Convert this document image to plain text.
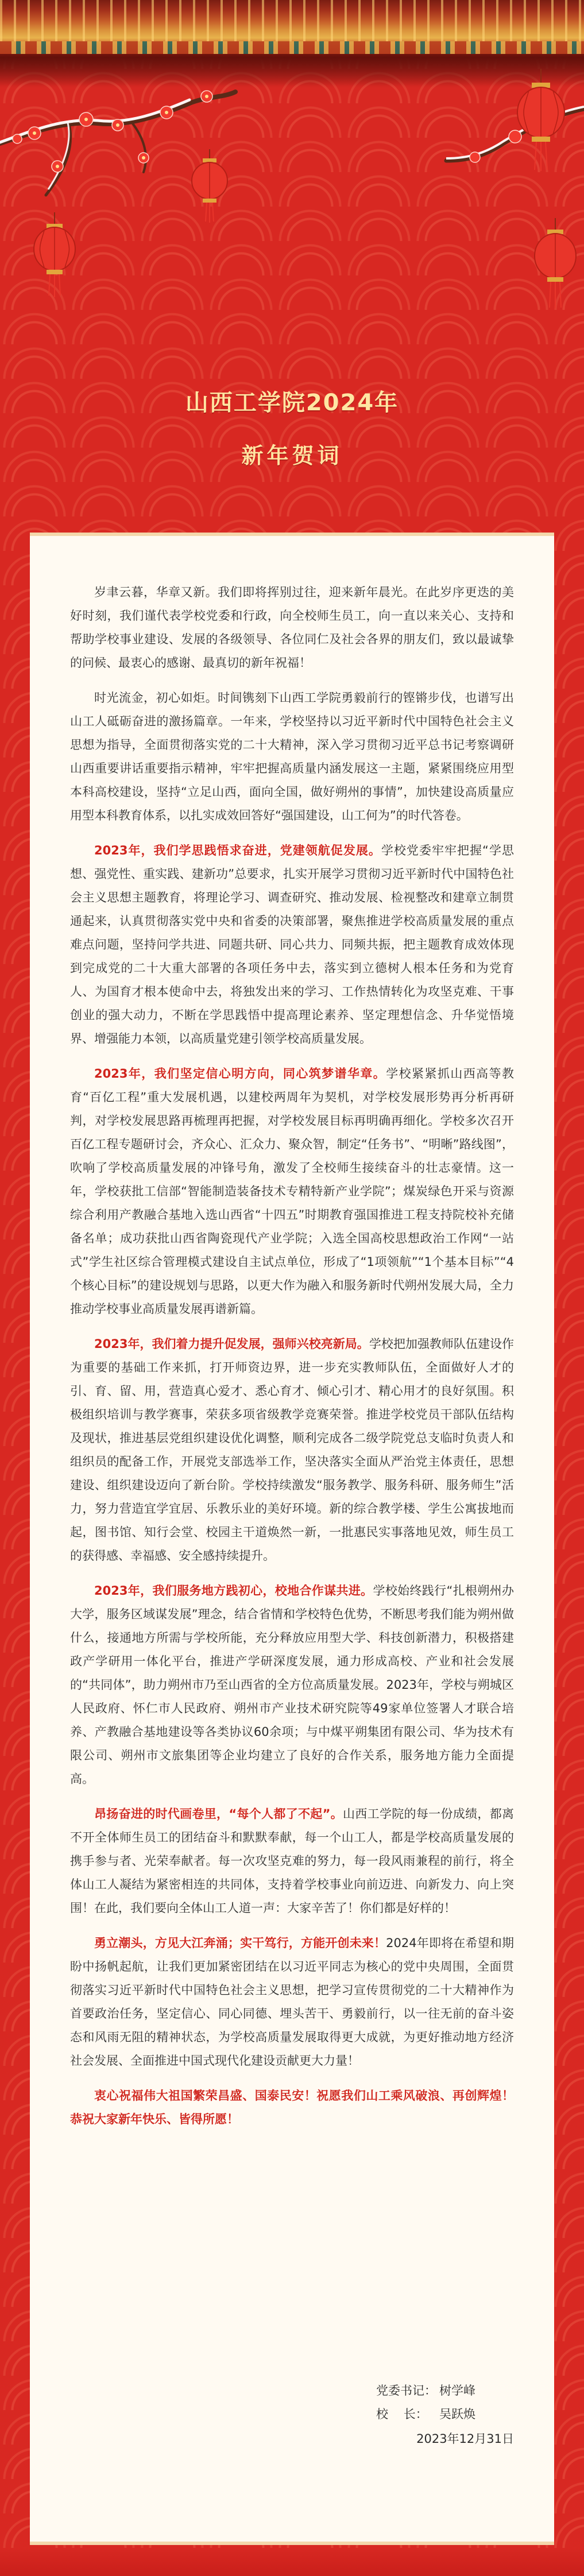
山西工学院2024年
新年贺词

岁聿云暮，华章又新。我们即将挥别过往，迎来新年晨光。在此岁序更迭的美好时刻，我们谨代表学校党委和行政，向全校师生员工，向一直以来关心、支持和帮助学校事业建设、发展的各级领导、各位同仁及社会各界的朋友们，致以最诚挚的问候、最衷心的感谢、最真切的新年祝福！

时光流金，初心如炬。时间镌刻下山西工学院勇毅前行的铿锵步伐，也谱写出山工人砥砺奋进的激扬篇章。一年来，学校坚持以习近平新时代中国特色社会主义思想为指导，全面贯彻落实党的二十大精神，深入学习贯彻习近平总书记考察调研山西重要讲话重要指示精神，牢牢把握高质量内涵发展这一主题，紧紧围绕应用型本科高校建设，坚持“立足山西，面向全国，做好朔州的事情”，加快建设高质量应用型本科教育体系，以扎实成效回答好“强国建设，山工何为”的时代答卷。

2023年，我们学思践悟求奋进，党建领航促发展。学校党委牢牢把握“学思想、强党性、重实践、建新功”总要求，扎实开展学习贯彻习近平新时代中国特色社会主义思想主题教育，将理论学习、调查研究、推动发展、检视整改和建章立制贯通起来，认真贯彻落实党中央和省委的决策部署，聚焦推进学校高质量发展的重点难点问题，坚持问学共进、同题共研、同心共力、同频共振，把主题教育成效体现到完成党的二十大重大部署的各项任务中去，落实到立德树人根本任务和为党育人、为国育才根本使命中去，将独发出来的学习、工作热情转化为攻坚克难、干事创业的强大动力，不断在学思践悟中提高理论素养、坚定理想信念、升华觉悟境界、增强能力本领，以高质量党建引领学校高质量发展。

2023年，我们坚定信心明方向，同心筑梦谱华章。学校紧紧抓山西高等教育“百亿工程”重大发展机遇，以建校两周年为契机，对学校发展形势再分析再研判，对学校发展思路再梳理再把握，对学校发展目标再明确再细化。学校多次召开百亿工程专题研讨会，齐众心、汇众力、聚众智，制定“任务书”、“明晰”路线图”，吹响了学校高质量发展的冲锋号角，激发了全校师生接续奋斗的壮志豪情。这一年，学校获批工信部“智能制造装备技术专精特新产业学院”；煤炭绿色开采与资源综合利用产教融合基地入选山西省“十四五”时期教育强国推进工程支持院校补充储备名单；成功获批山西省陶瓷现代产业学院；入选全国高校思想政治工作网“一站式”学生社区综合管理模式建设自主试点单位，形成了“1项领航”“1个基本目标”“4个核心目标”的建设规划与思路，以更大作为融入和服务新时代朔州发展大局，全力推动学校事业高质量发展再谱新篇。

2023年，我们着力提升促发展，强师兴校亮新局。学校把加强教师队伍建设作为重要的基础工作来抓，打开师资边界，进一步充实教师队伍，全面做好人才的引、育、留、用，营造真心爱才、悉心育才、倾心引才、精心用才的良好氛围。积极组织培训与教学赛事，荣获多项省级教学竞赛荣誉。推进学校党员干部队伍结构及现状，推进基层党组织建设优化调整，顺利完成各二级学院党总支临时负责人和组织员的配备工作，开展党支部选举工作，坚决落实全面从严治党主体责任，思想建设、组织建设迈向了新台阶。学校持续激发“服务教学、服务科研、服务师生”活力，努力营造宜学宜居、乐教乐业的美好环境。新的综合教学楼、学生公寓拔地而起，图书馆、知行会堂、校园主干道焕然一新，一批惠民实事落地见效，师生员工的获得感、幸福感、安全感持续提升。

2023年，我们服务地方践初心，校地合作谋共进。学校始终践行“扎根朔州办大学，服务区域谋发展”理念，结合省情和学校特色优势，不断思考我们能为朔州做什么，接通地方所需与学校所能，充分释放应用型大学、科技创新潜力，积极搭建政产学研用一体化平台，推进产学研深度发展，通力形成高校、产业和社会发展的“共同体”，助力朔州市乃至山西省的全方位高质量发展。2023年，学校与朔城区人民政府、怀仁市人民政府、朔州市产业技术研究院等49家单位签署人才联合培养、产教融合基地建设等各类协议60余项；与中煤平朔集团有限公司、华为技术有限公司、朔州市文旅集团等企业均建立了良好的合作关系，服务地方能力全面提高。

昂扬奋进的时代画卷里，“每个人都了不起”。山西工学院的每一份成绩，都离不开全体师生员工的团结奋斗和默默奉献，每一个山工人，都是学校高质量发展的携手参与者、光荣奉献者。每一次攻坚克难的努力，每一段风雨兼程的前行，将全体山工人凝结为紧密相连的共同体，支持着学校事业向前迈进、向新发力、向上突围！在此，我们要向全体山工人道一声：大家辛苦了！你们都是好样的！

勇立潮头，方见大江奔涌；实干笃行，方能开创未来！2024年即将在希望和期盼中扬帆起航，让我们更加紧密团结在以习近平同志为核心的党中央周围，全面贯彻落实习近平新时代中国特色社会主义思想，把学习宣传贯彻党的二十大精神作为首要政治任务，坚定信心、同心同德、埋头苦干、勇毅前行，以一往无前的奋斗姿态和风雨无阻的精神状态，为学校高质量发展取得更大成就，为更好推动地方经济社会发展、全面推进中国式现代化建设贡献更大力量！

衷心祝福伟大祖国繁荣昌盛、国泰民安！祝愿我们山工乘风破浪、再创辉煌！恭祝大家新年快乐、皆得所愿！

党委书记： 树学峰
校    长： 吴跃焕
2023年12月31日
